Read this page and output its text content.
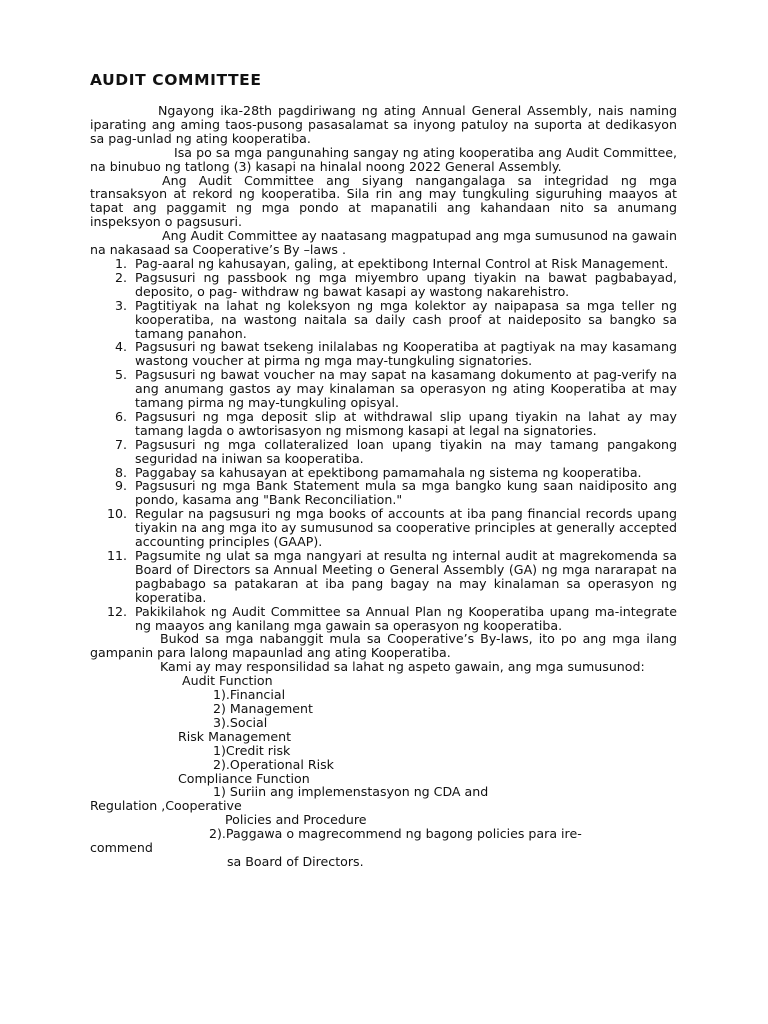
AUDIT COMMITTEE

Ngayong ika-28th pagdiriwang ng ating Annual General Assembly, nais naming iparating ang aming taos-pusong pasasalamat sa inyong patuloy na suporta at dedikasyon sa pag-unlad ng ating kooperatiba.

Isa po sa mga pangunahing sangay ng ating kooperatiba ang Audit Committee, na binubuo ng tatlong (3) kasapi na hinalal noong 2022 General Assembly.

Ang Audit Committee ang siyang nangangalaga sa integridad ng mga transaksyon at rekord ng kooperatiba. Sila rin ang may tungkuling siguruhing maayos at tapat ang paggamit ng mga pondo at mapanatili ang kahandaan nito sa anumang inspeksyon o pagsusuri.

Ang Audit Committee ay naatasang magpatupad ang mga sumusunod na gawain na nakasaad sa Cooperative’s By –laws .

1. Pag-aaral ng kahusayan, galing, at epektibong Internal Control at Risk Management.
2. Pagsusuri ng passbook ng mga miyembro upang tiyakin na bawat pagbabayad, deposito, o pag- withdraw ng bawat kasapi ay wastong nakarehistro.
3. Pagtitiyak na lahat ng koleksyon ng mga kolektor ay naipapasa sa mga teller ng kooperatiba, na wastong naitala sa daily cash proof at naideposito sa bangko sa tamang panahon.
4. Pagsusuri ng bawat tsekeng inilalabas ng Kooperatiba at pagtiyak na may kasamang wastong voucher at pirma ng mga may-tungkuling signatories.
5. Pagsusuri ng bawat voucher na may sapat na kasamang dokumento at pag-verify na ang anumang gastos ay may kinalaman sa operasyon ng ating Kooperatiba at may tamang pirma ng may-tungkuling opisyal.
6. Pagsusuri ng mga deposit slip at withdrawal slip upang tiyakin na lahat ay may tamang lagda o awtorisasyon ng mismong kasapi at legal na signatories.
7. Pagsusuri ng mga collateralized loan upang tiyakin na may tamang pangakong seguridad na iniwan sa kooperatiba.
8. Paggabay sa kahusayan at epektibong pamamahala ng sistema ng kooperatiba.
9. Pagsusuri ng mga Bank Statement mula sa mga bangko kung saan naidiposito ang pondo, kasama ang "Bank Reconciliation."
10. Regular na pagsusuri ng mga books of accounts at iba pang financial records upang tiyakin na ang mga ito ay sumusunod sa cooperative principles at generally accepted accounting principles (GAAP).
11. Pagsumite ng ulat sa mga nangyari at resulta ng internal audit at magrekomenda sa Board of Directors sa Annual Meeting o General Assembly (GA) ng mga nararapat na pagbabago sa patakaran at iba pang bagay na may kinalaman sa operasyon ng koperatiba.
12. Pakikilahok ng Audit Committee sa Annual Plan ng Kooperatiba upang ma-integrate ng maayos ang kanilang mga gawain sa operasyon ng kooperatiba.

Bukod sa mga nabanggit mula sa Cooperative’s By-laws, ito po ang mga ilang gampanin para lalong mapaunlad ang ating Kooperatiba.

Kami ay may responsilidad sa lahat ng aspeto gawain, ang mga sumusunod:

Audit Function
1).Financial
2) Management
3).Social
Risk Management
1)Credit risk
2).Operational Risk
Compliance Function
1) Suriin ang implemenstasyon ng CDA and
Regulation ,Cooperative
Policies and Procedure
2).Paggawa o magrecommend ng bagong policies para ire-
commend
sa Board of Directors.
